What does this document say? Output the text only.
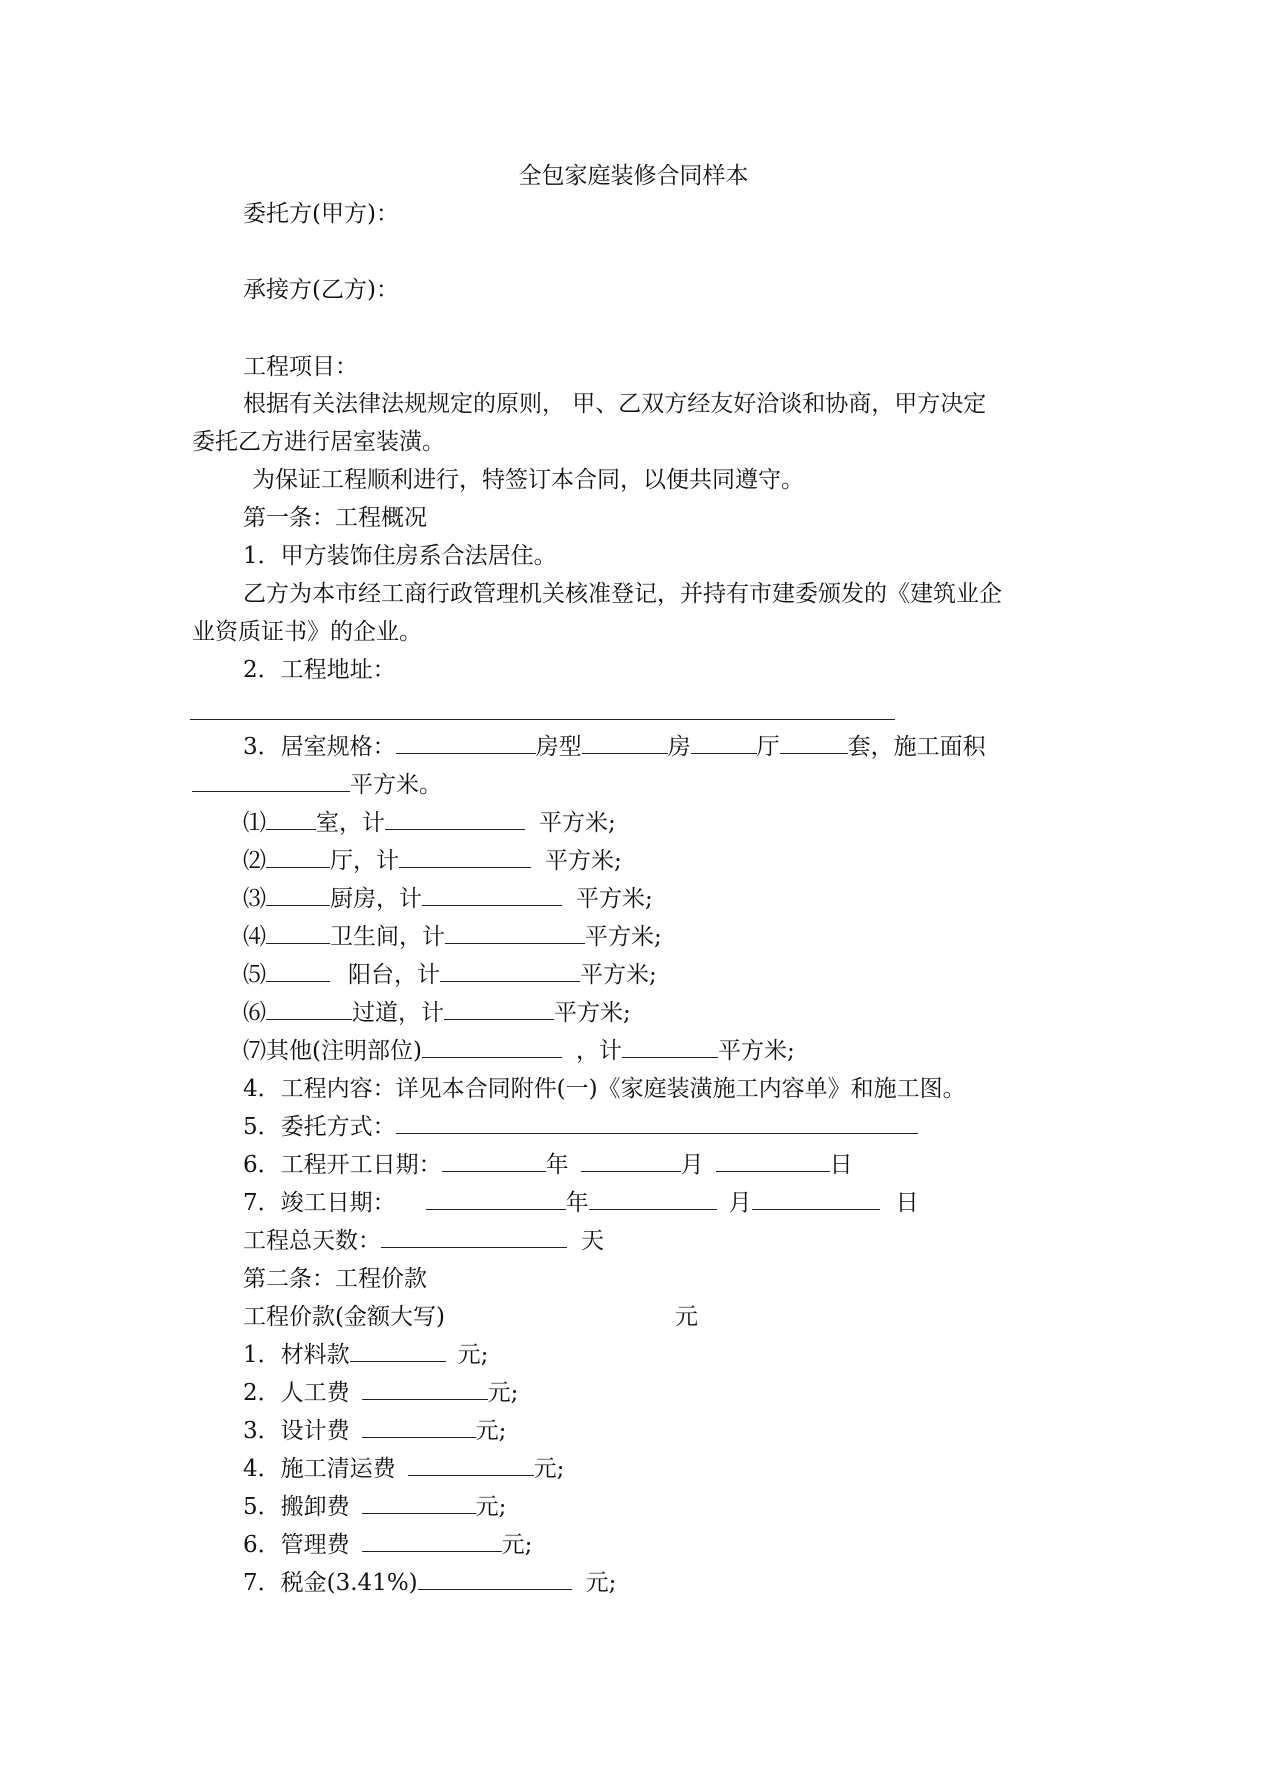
全包家庭装修合同样本
委托方(甲方)：
承接方(乙方)：
工程项目：
根据有关法律法规规定的原则， 甲、乙双方经友好洽谈和协商，甲方决定
委托乙方进行居室装潢。
为保证工程顺利进行，特签订本合同，以便共同遵守。
第一条：工程概况
1．甲方装饰住房系合法居住。
乙方为本市经工商行政管理机关核准登记，并持有市建委颁发的《建筑业企
业资质证书》的企业。
2．工程地址：
3．居室规格：	房型	房	厅	套，施工面积
平方米。
⑴ 室，计	平方米;
⑵	厅，计	平方米;
⑶	厨房，计	平方米;
⑷	卫生间，计	平方米;
⑸	阳台，计	平方米;
⑹	过道，计	平方米;
⑺其他(注明部位)	，计	平方米;
4．工程内容：详见本合同附件(一)《家庭装潢施工内容单》和施工图。
5．委托方式：
6．工程开工日期：	年	月	日
7．竣工日期：	年	月	日
工程总天数：	天
第二条：工程价款
工程价款(金额大写)	元
1．材料款	元;
2．人工费	元;
3．设计费	元;
4．施工清运费	元;
5．搬卸费	元;
6．管理费	元;
7．税金(3.41%)	元;
